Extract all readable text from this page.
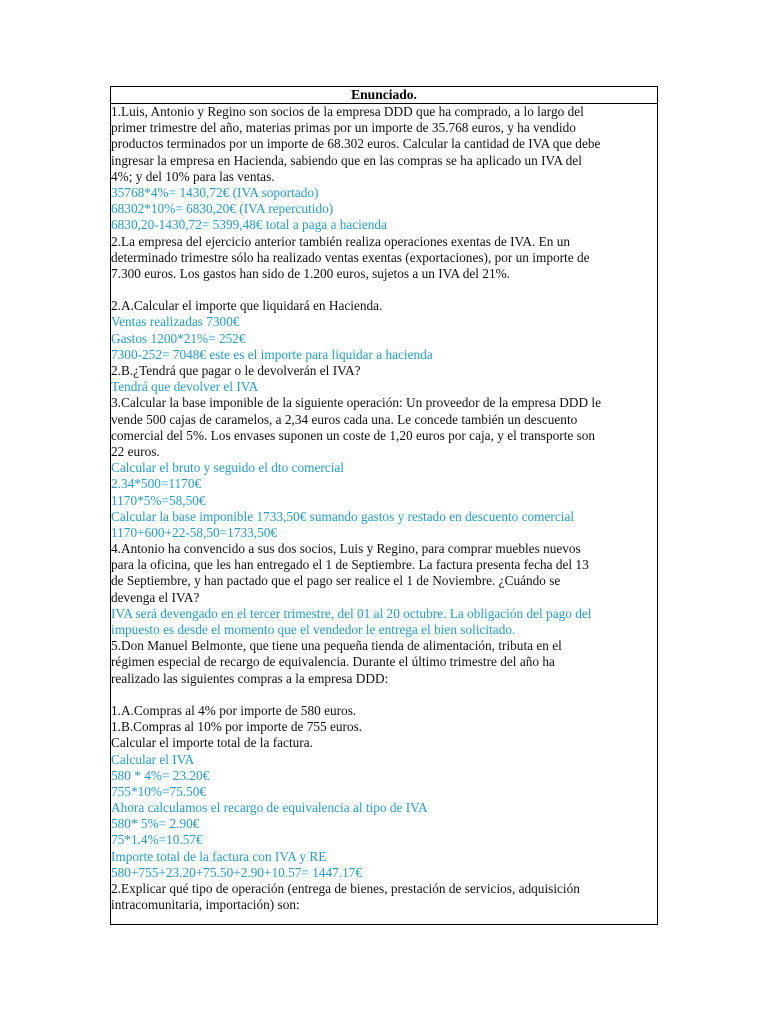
Enunciado.
1.Luis, Antonio y Regino son socios de la empresa DDD que ha comprado, a lo largo del
primer trimestre del año, materias primas por un importe de 35.768 euros, y ha vendido
productos terminados por un importe de 68.302 euros. Calcular la cantidad de IVA que debe
ingresar la empresa en Hacienda, sabiendo que en las compras se ha aplicado un IVA del
4%; y del 10% para las ventas.
35768*4%= 1430,72€ (IVA soportado)
68302*10%= 6830,20€ (IVA repercutido)
6830,20-1430,72= 5399,48€ total a paga a hacienda
2.La empresa del ejercicio anterior también realiza operaciones exentas de IVA. En un
determinado trimestre sólo ha realizado ventas exentas (exportaciones), por un importe de
7.300 euros. Los gastos han sido de 1.200 euros, sujetos a un IVA del 21%.
2.A.Calcular el importe que liquidará en Hacienda.
Ventas realizadas 7300€
Gastos 1200*21%= 252€
7300-252= 7048€ este es el importe para liquidar a hacienda
2.B.¿Tendrá que pagar o le devolverán el IVA?
Tendrá que devolver el IVA
3.Calcular la base imponible de la siguiente operación: Un proveedor de la empresa DDD le
vende 500 cajas de caramelos, a 2,34 euros cada una. Le concede también un descuento
comercial del 5%. Los envases suponen un coste de 1,20 euros por caja, y el transporte son
22 euros.
Calcular el bruto y seguido el dto comercial
2.34*500=1170€
1170*5%=58,50€
Calcular la base imponible 1733,50€ sumando gastos y restado en descuento comercial
1170+600+22-58,50=1733,50€
4.Antonio ha convencido a sus dos socios, Luis y Regino, para comprar muebles nuevos
para la oficina, que les han entregado el 1 de Septiembre. La factura presenta fecha del 13
de Septiembre, y han pactado que el pago ser realice el 1 de Noviembre. ¿Cuándo se
devenga el IVA?
IVA será devengado en el tercer trimestre, del 01 al 20 octubre. La obligación del pago del
impuesto es desde el momento que el vendedor le entrega el bien solicitado.
5.Don Manuel Belmonte, que tiene una pequeña tienda de alimentación, tributa en el
régimen especial de recargo de equivalencia. Durante el último trimestre del año ha
realizado las siguientes compras a la empresa DDD:
1.A.Compras al 4% por importe de 580 euros.
1.B.Compras al 10% por importe de 755 euros.
Calcular el importe total de la factura.
Calcular el IVA
580 * 4%= 23.20€
755*10%=75.50€
Ahora calculamos el recargo de equivalencia al tipo de IVA
580* 5%= 2.90€
75*1.4%=10.57€
Importe total de la factura con IVA y RE
580+755+23.20+75.50+2.90+10.57= 1447.17€
2.Explicar qué tipo de operación (entrega de bienes, prestación de servicios, adquisición
intracomunitaria, importación) son:
